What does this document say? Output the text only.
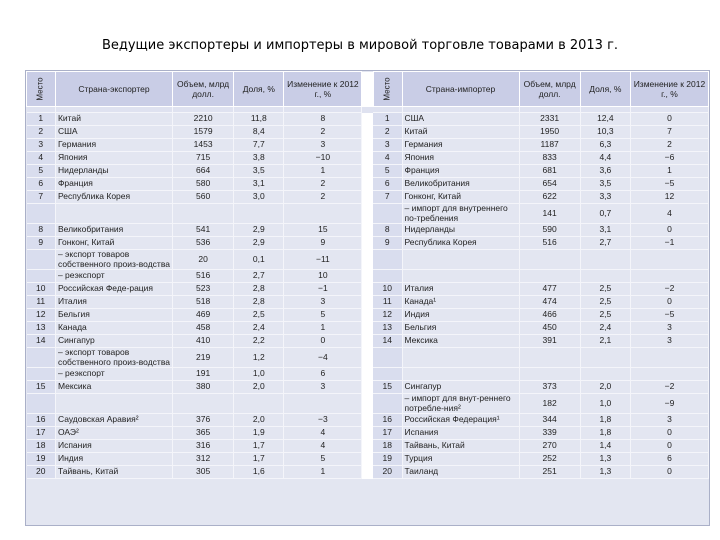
Ведущие экспортеры и импортеры в мировой торговле товарами в 2013 г.
Место	Страна-экспортер	Объем, млрд долл.	Доля, %	Изменение к 2012 г., %		Место	Страна-импортер	Объем, млрд долл.	Доля, %	Изменение к 2012 г., %

1	Китай	2210	11,8	8		1	США	2331	12,4	0
2	США	1579	8,4	2		2	Китай	1950	10,3	7
3	Германия	1453	7,7	3		3	Германия	1187	6,3	2
4	Япония	715	3,8	−10		4	Япония	833	4,4	−6
5	Нидерланды	664	3,5	1		5	Франция	681	3,6	1
6	Франция	580	3,1	2		6	Великобритания	654	3,5	−5
7	Республика Корея	560	3,0	2		7	Гонконг, Китай	622	3,3	12
							– импорт для внутреннего по-требления	141	0,7	4
8	Великобритания	541	2,9	15		8	Нидерланды	590	3,1	0
9	Гонконг, Китай	536	2,9	9		9	Республика Корея	516	2,7	−1
	– экспорт товаров собственного произ-водства	20	0,1	−11						
	– реэкспорт	516	2,7	10						
10	Российская Феде-рация	523	2,8	−1		10	Италия	477	2,5	−2
11	Италия	518	2,8	3		11	Канада¹	474	2,5	0
12	Бельгия	469	2,5	5		12	Индия	466	2,5	−5
13	Канада	458	2,4	1		13	Бельгия	450	2,4	3
14	Сингапур	410	2,2	0		14	Мексика	391	2,1	3
	– экспорт товаров собственного произ-водства	219	1,2	−4						
	– реэкспорт	191	1,0	6						
15	Мексика	380	2,0	3		15	Сингапур	373	2,0	−2
							– импорт для внут-реннего потребле-ния²	182	1,0	−9
16	Саудовская Аравия²	376	2,0	−3		16	Российская Федерация¹	344	1,8	3
17	ОАЭ²	365	1,9	4		17	Испания	339	1,8	0
18	Испания	316	1,7	4		18	Тайвань, Китай	270	1,4	0
19	Индия	312	1,7	5		19	Турция	252	1,3	6
20	Тайвань, Китай	305	1,6	1		20	Таиланд	251	1,3	0
